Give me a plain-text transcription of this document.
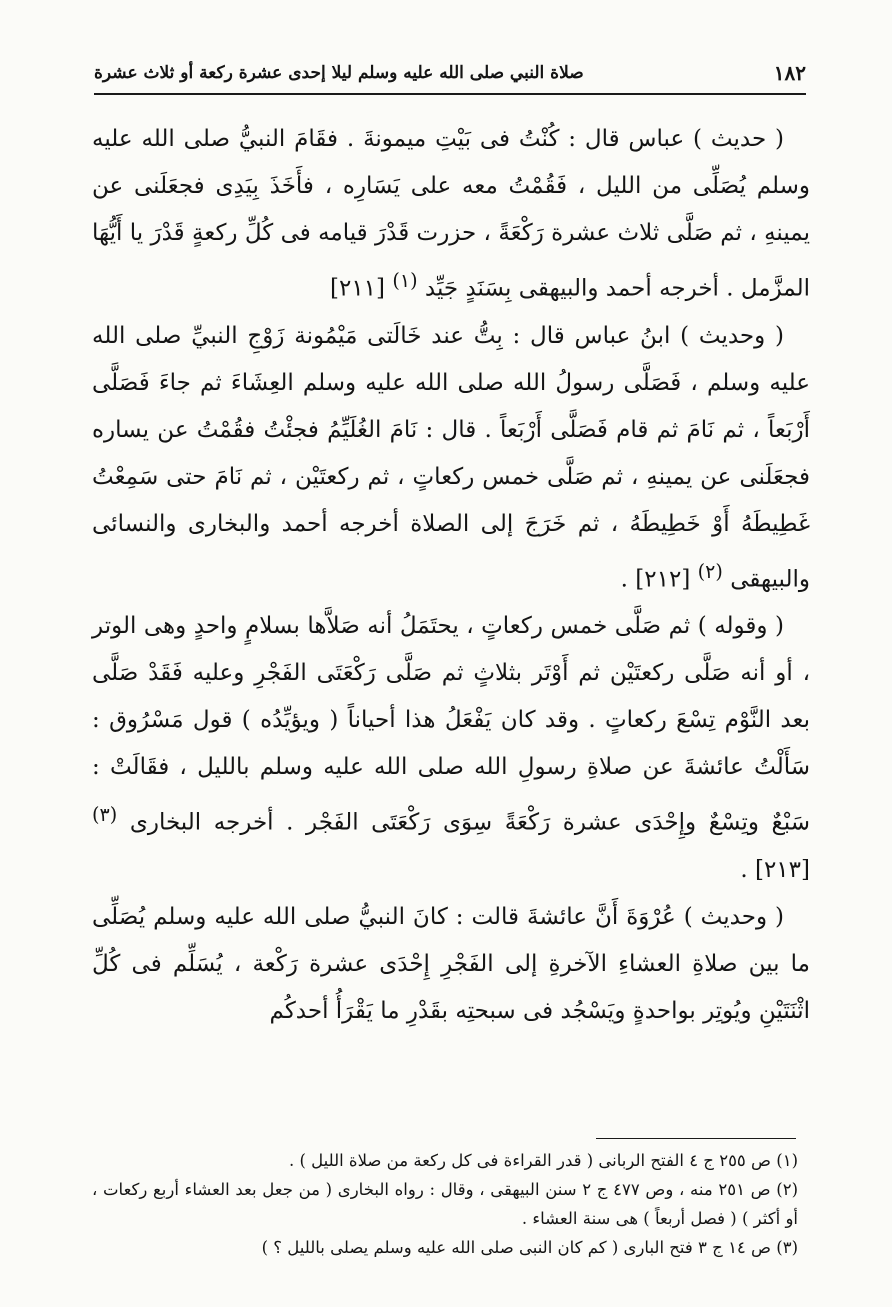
١٨٢
صلاة النبي صلى الله عليه وسلم ليلا إحدى عشرة ركعة أو ثلاث عشرة

( حديث ) عباس قال : كُنْتُ فى بَيْتِ ميمونةَ . فقَامَ النبيُّ صلى الله عليه وسلم يُصَلِّى من الليل ، فَقُمْتُ معه على يَسَارِه ، فأَخَذَ بِيَدِى فجعَلَنى عن يمينهِ ، ثم صَلَّى ثلاث عشرة رَكْعَةً ، حزرت قَدْرَ قيامه فى كُلِّ ركعةٍ قَدْرَ يا أَيُّهَا المزَّمل . أخرجه أحمد والبيهقى بِسَنَدٍ جَيِّد $^{(١)}$ [٢١١]

( وحديث ) ابنُ عباس قال : بِتُّ عند خَالَتى مَيْمُونة زَوْجِ النبيِّ صلى الله عليه وسلم ، فَصَلَّى رسولُ الله صلى الله عليه وسلم العِشَاءَ ثم جاءَ فَصَلَّى أَرْبَعاً ، ثم نَامَ ثم قام فَصَلَّى أَرْبَعاً . قال : نَامَ الغُلَيِّمُ فجئْتُ فقُمْتُ عن يساره فجعَلَنى عن يمينهِ ، ثم صَلَّى خمس ركعاتٍ ، ثم ركعتَيْن ، ثم نَامَ حتى سَمِعْتُ غَطِيطَهُ أَوْ خَطِيطَهُ ، ثم خَرَجَ إلى الصلاة أخرجه أحمد والبخارى والنسائى والبيهقى $^{(٢)}$ [٢١٢] .

( وقوله ) ثم صَلَّى خمس ركعاتٍ ، يحتَمَلُ أنه صَلاَّها بسلامٍ واحدٍ وهى الوتر ، أو أنه صَلَّى ركعتَيْن ثم أَوْتَر بثلاثٍ ثم صَلَّى رَكْعَتَى الفَجْرِ وعليه فَقَدْ صَلَّى بعد النَّوْم تِسْعَ ركعاتٍ . وقد كان يَفْعَلُ هذا أحياناً ( ويؤيِّدُه ) قول مَسْرُوق : سَأَلْتُ عائشةَ عن صلاةِ رسولِ الله صلى الله عليه وسلم بالليل ، فقَالَتْ : سَبْعٌ وتِسْعٌ وإِحْدَى عشرة رَكْعَةً سِوَى رَكْعَتَى الفَجْر . أخرجه البخارى $^{(٣)}$ [٢١٣] .

( وحديث ) عُرْوَةَ أَنَّ عائشةَ قالت : كانَ النبيُّ صلى الله عليه وسلم يُصَلِّى ما بين صلاةِ العشاءِ الآخرةِ إلى الفَجْرِ إِحْدَى عشرة رَكْعة ، يُسَلِّم فى كُلِّ اثْنَتَيْنِ ويُوتِر بواحدةٍ ويَسْجُد فى سبحتِه بقَدْرِ ما يَقْرَأُ أحدكُم

(١) ص ٢٥٥ ج ٤ الفتح الربانى ( قدر القراءة فى كل ركعة من صلاة الليل ) .

(٢) ص ٢٥١ منه ، وص ٤٧٧ ج ٢ سنن البيهقى ، وقال : رواه البخارى ( من جعل بعد العشاء أربع ركعات ، أو أكثر ) ( فصل أربعاً ) هى سنة العشاء .

(٣) ص ١٤ ج ٣ فتح البارى ( كم كان النبى صلى الله عليه وسلم يصلى بالليل ؟ )
